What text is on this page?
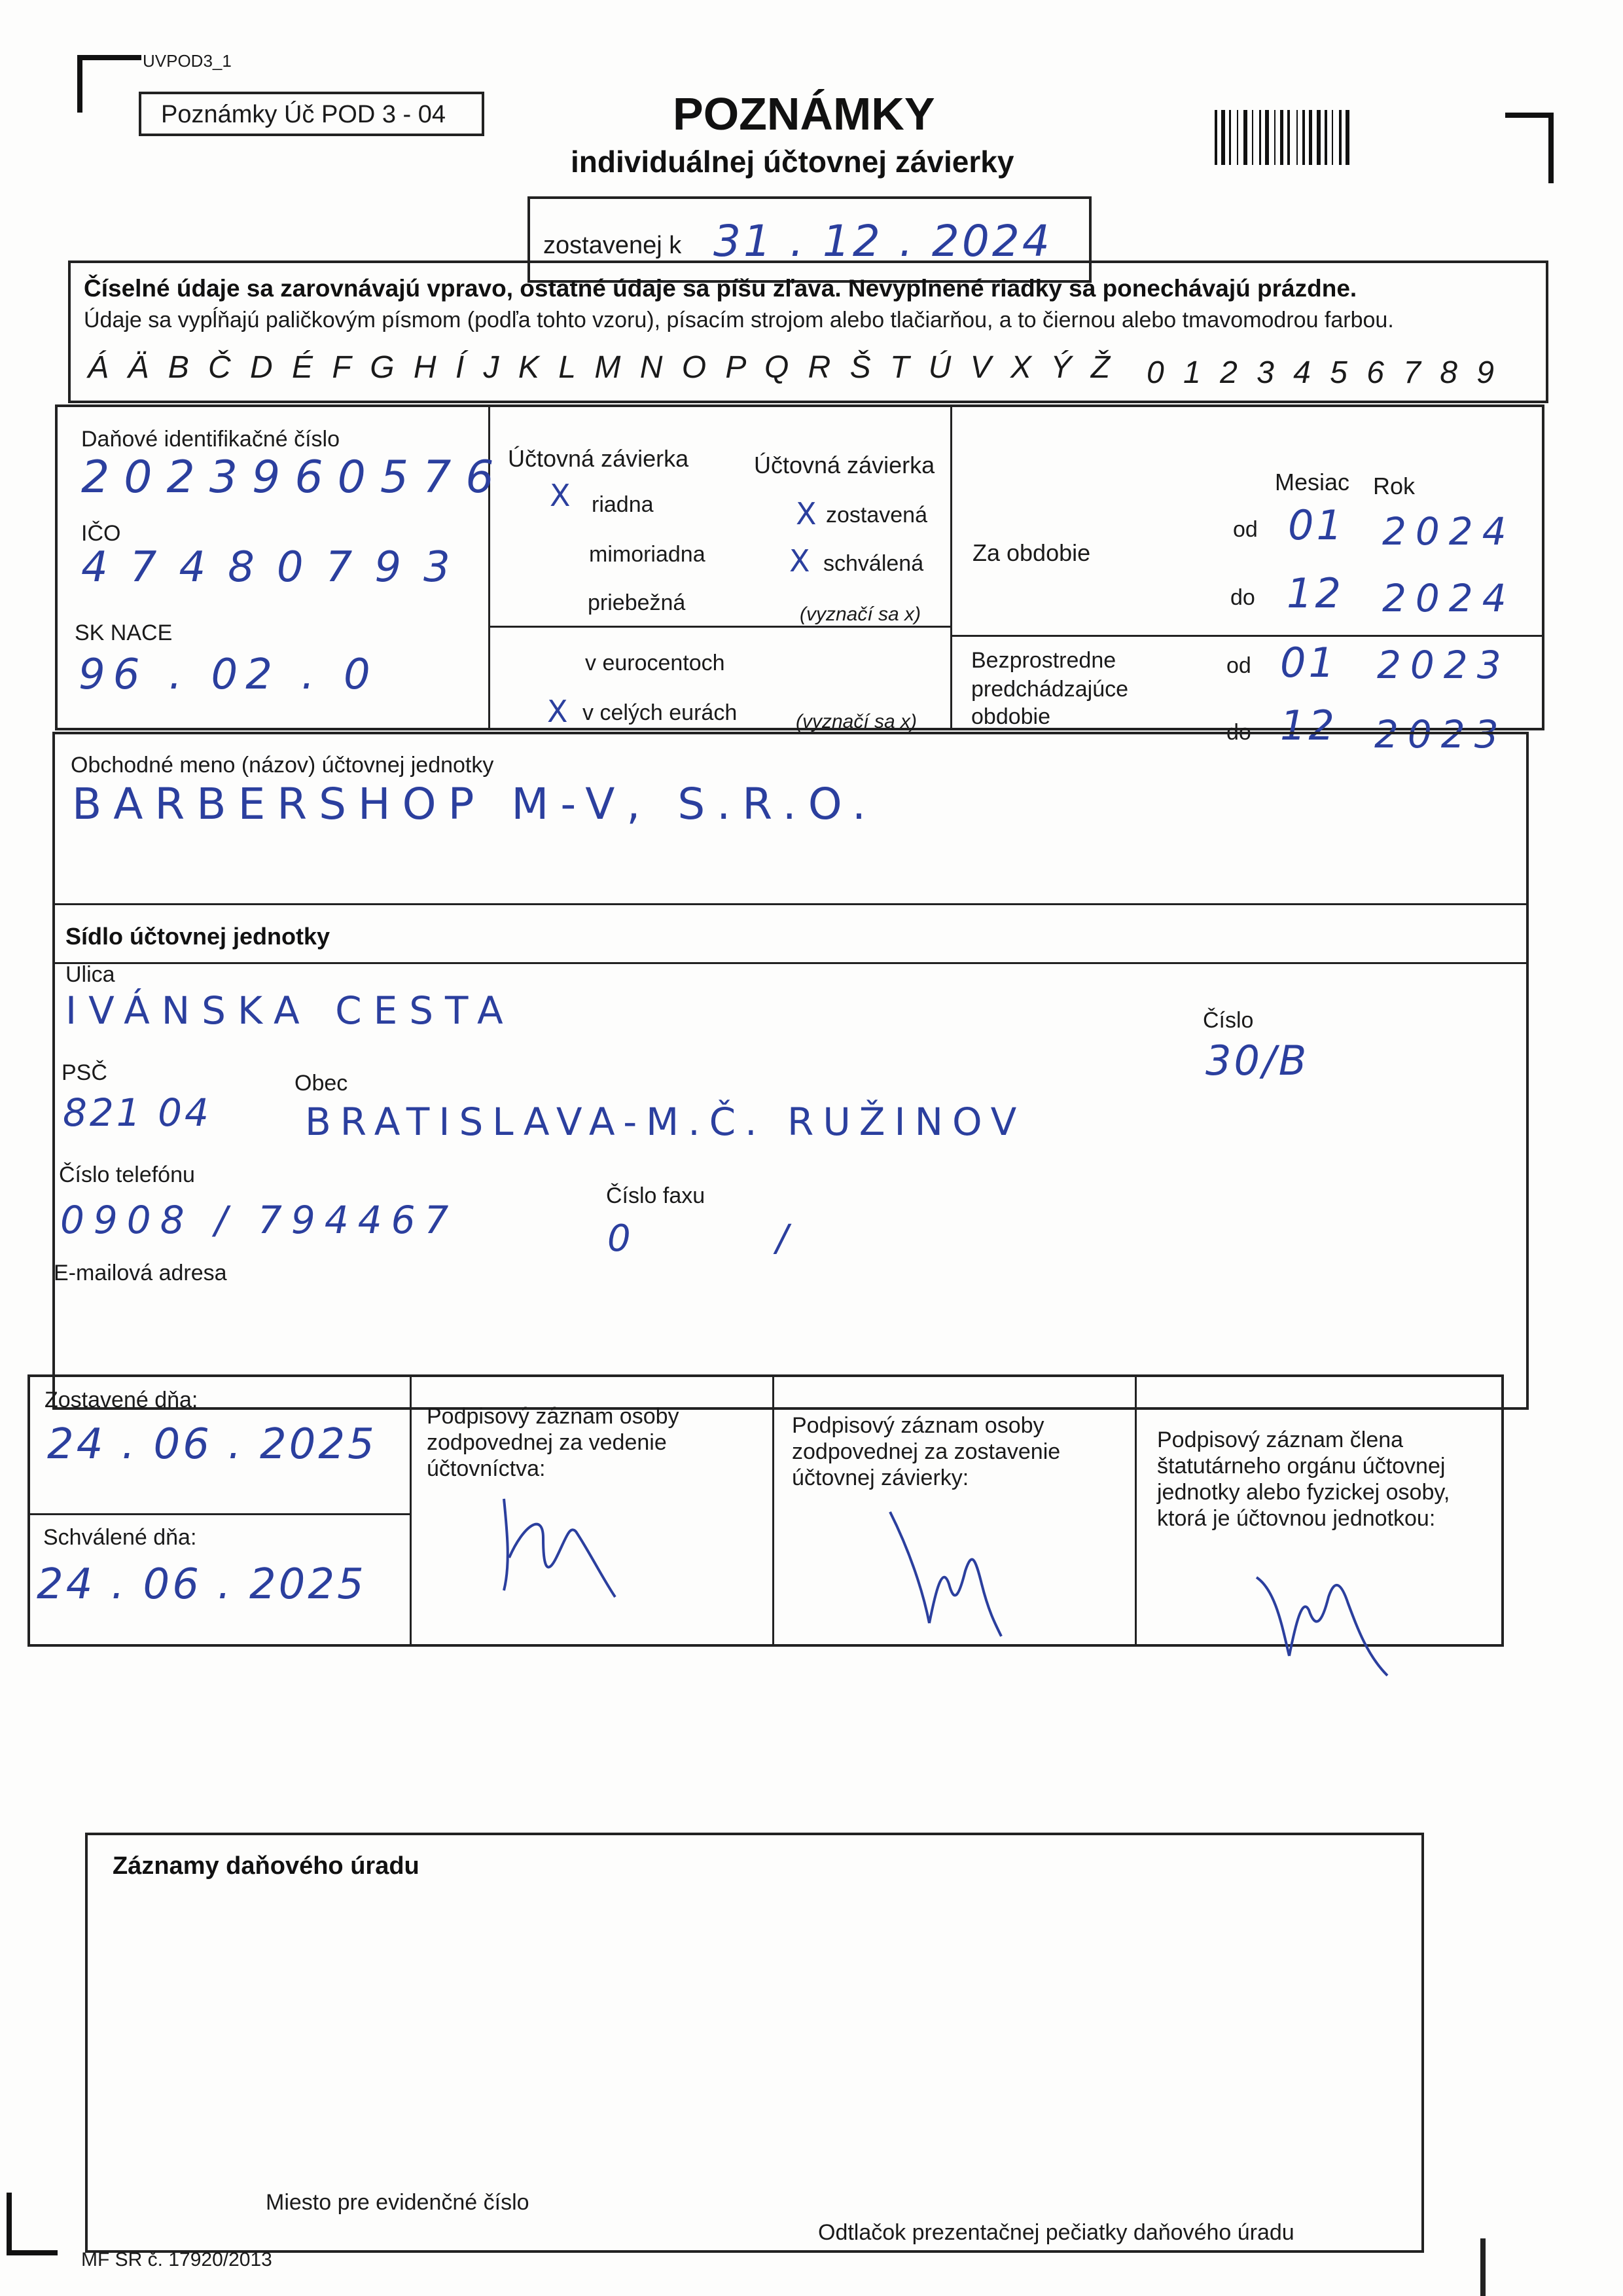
UVPOD3_1
Poznámky Úč POD 3 - 04	POZNÁMKY
individuálnej účtovnej závierky
zostavenej k 31 . 12 . 2024
Číselné údaje sa zarovnávajú vpravo, ostatné údaje sa píšu zľava. Nevyplnené riadky sa ponechávajú prázdne.
Údaje sa vypĺňajú paličkovým písmom (podľa tohto vzoru), písacím strojom alebo tlačiarňou, a to čiernou alebo tmavomodrou farbou.
Á Ä B Č D É F G H Í J K L M N O P Q R Š T Ú V X Ý Ž 0 1 2 3 4 5 6 7 8 9
Daňové identifikačné číslo
2023960576
IČO
47480793
SK NACE
96 . 02 . 0
Účtovná závierka	Účtovná závierka
X riadna
mimoriadna
priebežná
X zostavená
X schválená
(vyznačí sa x)
v eurocentoch
X v celých eurách	(vyznačí sa x)
Mesiac Rok
Za obdobie
od 01 2024
do 12 2024
Bezprostredne
predchádzajúce
obdobie
od 01 2023
do 12 2023
Obchodné meno (názov) účtovnej jednotky
BARBERSHOP M-V, S.R.O.
Sídlo účtovnej jednotky
Ulica
IVÁNSKA CESTA	Číslo
30/B
PSČ
821 04
Obec
BRATISLAVA-M.Č. RUŽINOV
Číslo telefónu
0908 / 794467
Číslo faxu
0          /
E-mailová adresa
Zostavené dňa:
24 . 06 . 2025
Schválené dňa:
24 . 06 . 2025
Podpisový záznam osoby zodpovednej za vedenie účtovníctva:
Podpisový záznam osoby zodpovednej za zostavenie účtovnej závierky:
Podpisový záznam člena štatutárneho orgánu účtovnej jednotky alebo fyzickej osoby, ktorá je účtovnou jednotkou:
Záznamy daňového úradu
Miesto pre evidenčné číslo
Odtlačok prezentačnej pečiatky daňového úradu
MF SR č. 17920/2013
